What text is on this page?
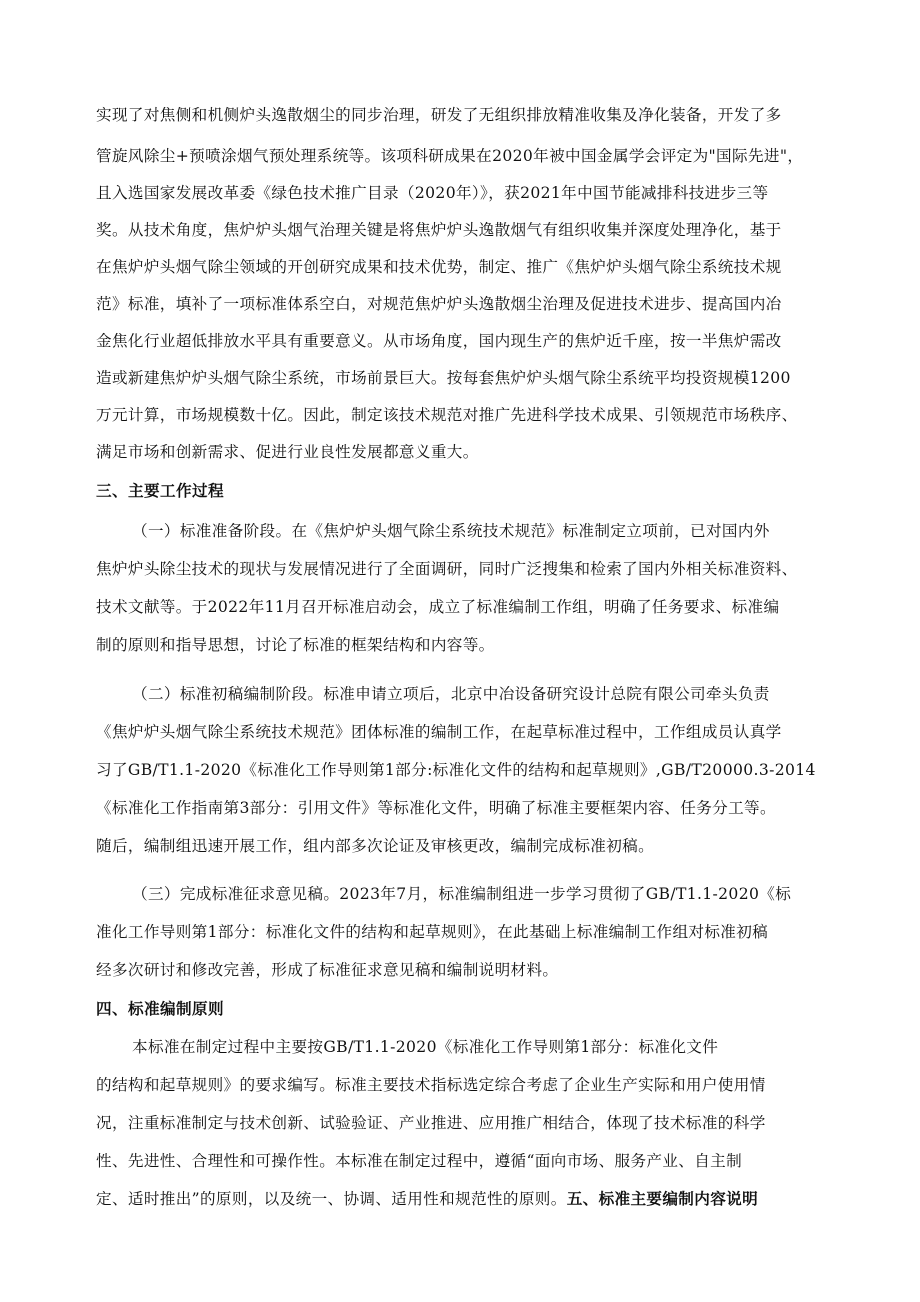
实现了对焦侧和机侧炉头逸散烟尘的同步治理，研发了无组织排放精准收集及净化装备，开发了多

管旋风除尘+预喷涂烟气预处理系统等。该项科研成果在2020年被中国金属学会评定为"国际先进"，

且入选国家发展改革委《绿色技术推广目录（2020年）》，获2021年中国节能减排科技进步三等

奖。从技术角度，焦炉炉头烟气治理关键是将焦炉炉头逸散烟气有组织收集并深度处理净化，基于

在焦炉炉头烟气除尘领域的开创研究成果和技术优势，制定、推广《焦炉炉头烟气除尘系统技术规

范》标准，填补了一项标准体系空白，对规范焦炉炉头逸散烟尘治理及促进技术进步、提高国内冶

金焦化行业超低排放水平具有重要意义。从市场角度，国内现生产的焦炉近千座，按一半焦炉需改

造或新建焦炉炉头烟气除尘系统，市场前景巨大。按每套焦炉炉头烟气除尘系统平均投资规模1200

万元计算，市场规模数十亿。因此，制定该技术规范对推广先进科学技术成果、引领规范市场秩序、

满足市场和创新需求、促进行业良性发展都意义重大。

三、主要工作过程

（一）标准准备阶段。在《焦炉炉头烟气除尘系统技术规范》标准制定立项前，已对国内外

焦炉炉头除尘技术的现状与发展情况进行了全面调研，同时广泛搜集和检索了国内外相关标准资料、

技术文献等。于2022年11月召开标准启动会，成立了标准编制工作组，明确了任务要求、标准编

制的原则和指导思想，讨论了标准的框架结构和内容等。

（二）标准初稿编制阶段。标准申请立项后，北京中冶设备研究设计总院有限公司牵头负责

《焦炉炉头烟气除尘系统技术规范》团体标准的编制工作，在起草标准过程中，工作组成员认真学

习了GB/T1.1-2020《标准化工作导则第1部分:标准化文件的结构和起草规则》,GB/T20000.3-2014

《标准化工作指南第3部分：引用文件》等标准化文件，明确了标准主要框架内容、任务分工等。

随后，编制组迅速开展工作，组内部多次论证及审核更改，编制完成标准初稿。

（三）完成标准征求意见稿。2023年7月，标准编制组进一步学习贯彻了GB/T1.1-2020《标

准化工作导则第1部分：标准化文件的结构和起草规则》，在此基础上标准编制工作组对标准初稿

经多次研讨和修改完善，形成了标准征求意见稿和编制说明材料。

四、标准编制原则

本标准在制定过程中主要按GB/T1.1-2020《标准化工作导则第1部分：标准化文件

的结构和起草规则》的要求编写。标准主要技术指标选定综合考虑了企业生产实际和用户使用情

况，注重标准制定与技术创新、试验验证、产业推进、应用推广相结合，体现了技术标准的科学

性、先进性、合理性和可操作性。本标准在制定过程中，遵循“面向市场、服务产业、自主制

定、适时推出”的原则，以及统一、协调、适用性和规范性的原则。五、标准主要编制内容说明
